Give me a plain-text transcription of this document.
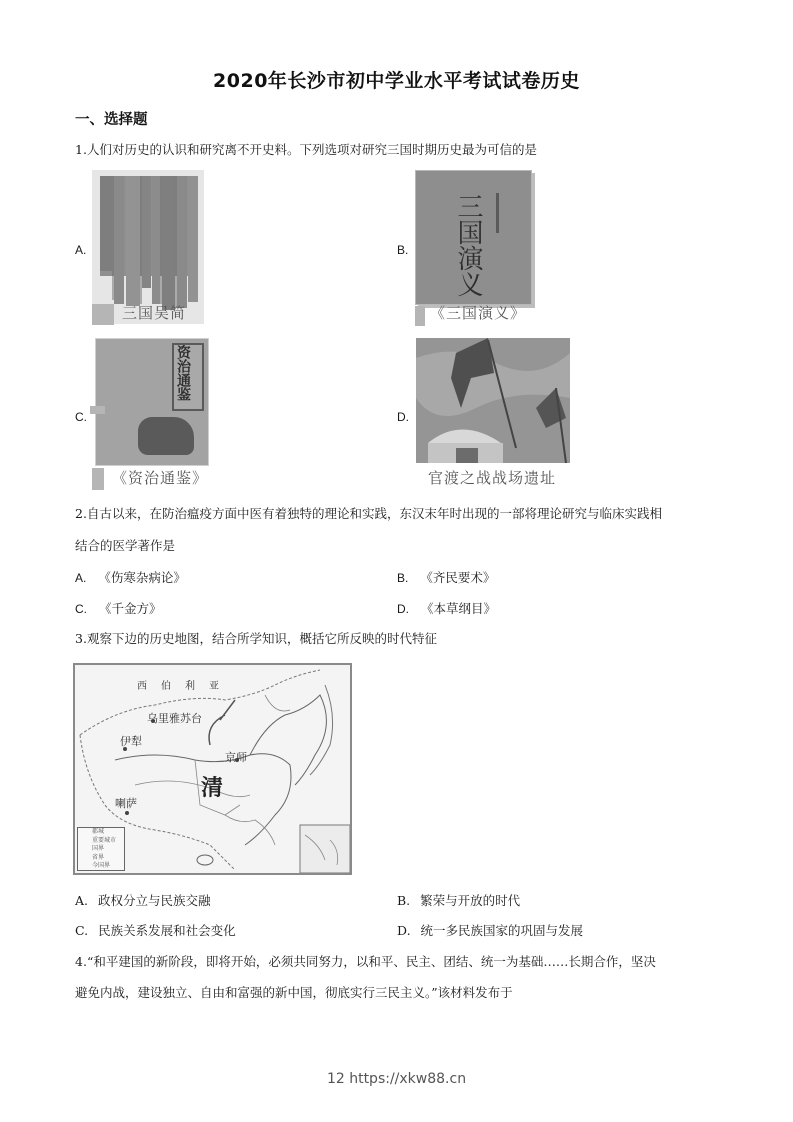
2020年长沙市初中学业水平考试试卷历史
一、选择题
1.人们对历史的认识和研究离不开史料。下列选项对研究三国时期历史最为可信的是
A.
三国吴简
B. 三国演义
《三国演义》
C.
资治通鉴
《资治通鉴》
D.
官渡之战战场遗址
2.自古以来，在防治瘟疫方面中医有着独特的理论和实践，东汉末年时出现的一部将理论研究与临床实践相
结合的医学著作是
A. 《伤寒杂病论》	B. 《齐民要术》
C. 《千金方》	D. 《本草纲目》
3.观察下边的历史地图，结合所学知识，概括它所反映的时代特征
西伯利亚
乌里雅苏台
伊犁
京师
清
喇萨
都城
重要城市
国界
省界
今国界
A. 政权分立与民族交融	B. 繁荣与开放的时代
C. 民族关系发展和社会变化	D. 统一多民族国家的巩固与发展
4.“和平建国的新阶段，即将开始，必须共同努力，以和平、民主、团结、统一为基础……长期合作，坚决
避免内战，建设独立、自由和富强的新中国，彻底实行三民主义。”该材料发布于
12 https://xkw88.cn
